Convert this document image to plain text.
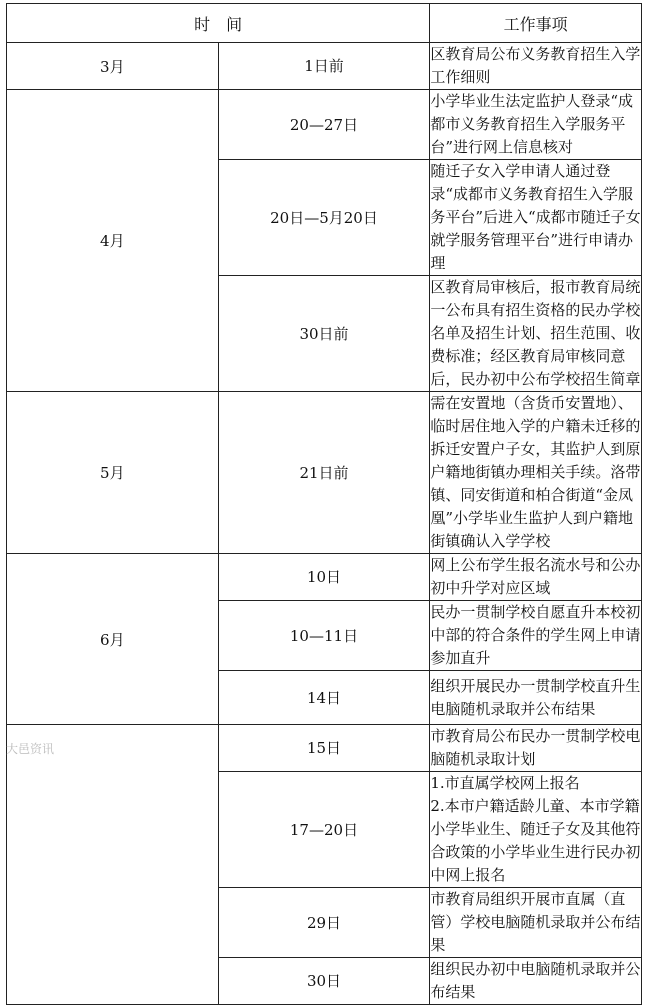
时　间		工作事项
3月	1日前	区教育局公布义务教育招生入学工作细则
4月	20—27日	小学毕业生法定监护人登录“成都市义务教育招生入学服务平台”进行网上信息核对
	20日—5月20日	随迁子女入学申请人通过登录“成都市义务教育招生入学服务平台”后进入“成都市随迁子女就学服务管理平台”进行申请办理
	30日前	区教育局审核后，报市教育局统一公布具有招生资格的民办学校名单及招生计划、招生范围、收费标准；经区教育局审核同意后，民办初中公布学校招生简章
5月	21日前	需在安置地（含货币安置地）、临时居住地入学的户籍未迁移的拆迁安置户子女，其监护人到原户籍地街镇办理相关手续。洛带镇、同安街道和柏合街道“金凤凰”小学毕业生监护人到户籍地街镇确认入学学校
6月	10日	网上公布学生报名流水号和公办初中升学对应区域
	10—11日	民办一贯制学校自愿直升本校初中部的符合条件的学生网上申请参加直升
	14日	组织开展民办一贯制学校直升生电脑随机录取并公布结果
	15日	市教育局公布民办一贯制学校电脑随机录取计划
	17—20日	1.市直属学校网上报名
2.本市户籍适龄儿童、本市学籍小学毕业生、随迁子女及其他符合政策的小学毕业生进行民办初中网上报名
	29日	市教育局组织开展市直属（直管）学校电脑随机录取并公布结果
	30日	组织民办初中电脑随机录取并公布结果
大邑资讯
